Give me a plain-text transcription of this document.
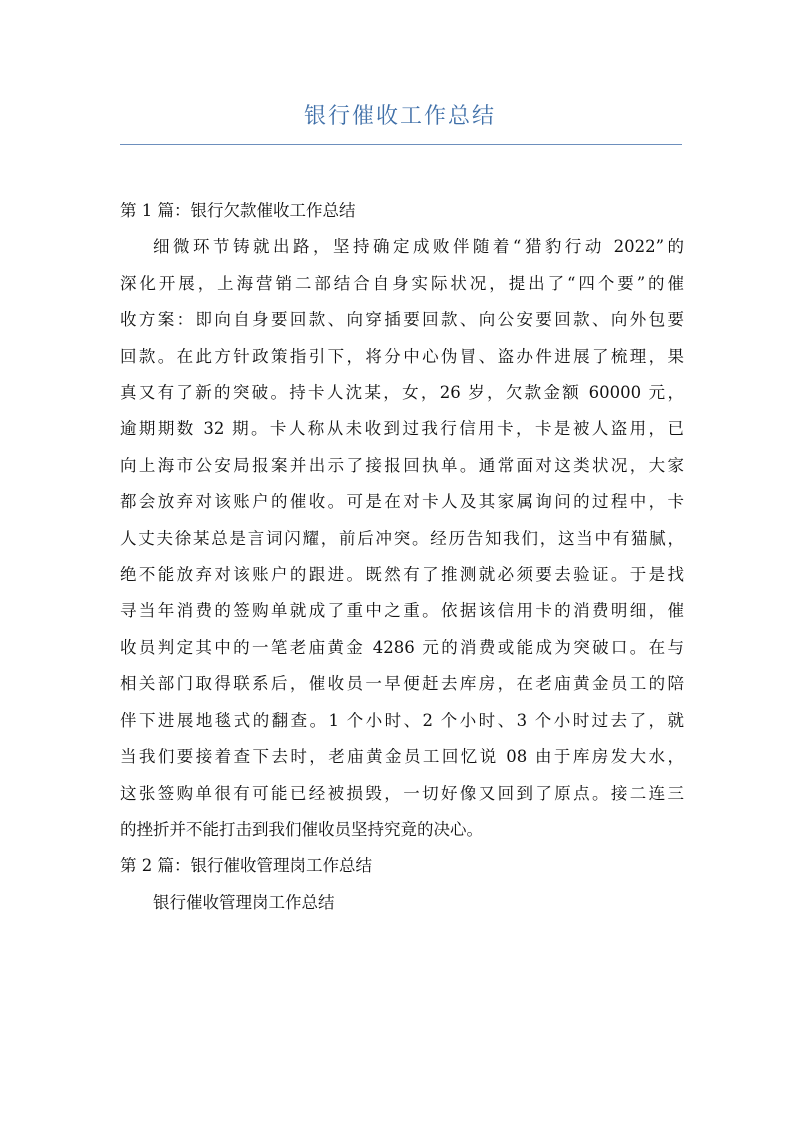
银行催收工作总结

第 1 篇：银行欠款催收工作总结

细微环节铸就出路，坚持确定成败伴随着“猎豹行动 2022”的
深化开展，上海营销二部结合自身实际状况，提出了“四个要”的催
收方案：即向自身要回款、向穿插要回款、向公安要回款、向外包要
回款。在此方针政策指引下，将分中心伪冒、盗办件进展了梳理，果
真又有了新的突破。持卡人沈某，女，26 岁，欠款金额 60000 元，
逾期期数 32 期。卡人称从未收到过我行信用卡，卡是被人盗用，已
向上海市公安局报案并出示了接报回执单。通常面对这类状况，大家
都会放弃对该账户的催收。可是在对卡人及其家属询问的过程中，卡
人丈夫徐某总是言词闪耀，前后冲突。经历告知我们，这当中有猫腻，
绝不能放弃对该账户的跟进。既然有了推测就必须要去验证。于是找
寻当年消费的签购单就成了重中之重。依据该信用卡的消费明细，催
收员判定其中的一笔老庙黄金 4286 元的消费或能成为突破口。在与
相关部门取得联系后，催收员一早便赶去库房，在老庙黄金员工的陪
伴下进展地毯式的翻查。1 个小时、2 个小时、3 个小时过去了，就
当我们要接着查下去时，老庙黄金员工回忆说 08 由于库房发大水，
这张签购单很有可能已经被损毁，一切好像又回到了原点。接二连三
的挫折并不能打击到我们催收员坚持究竟的决心。

第 2 篇：银行催收管理岗工作总结

银行催收管理岗工作总结
